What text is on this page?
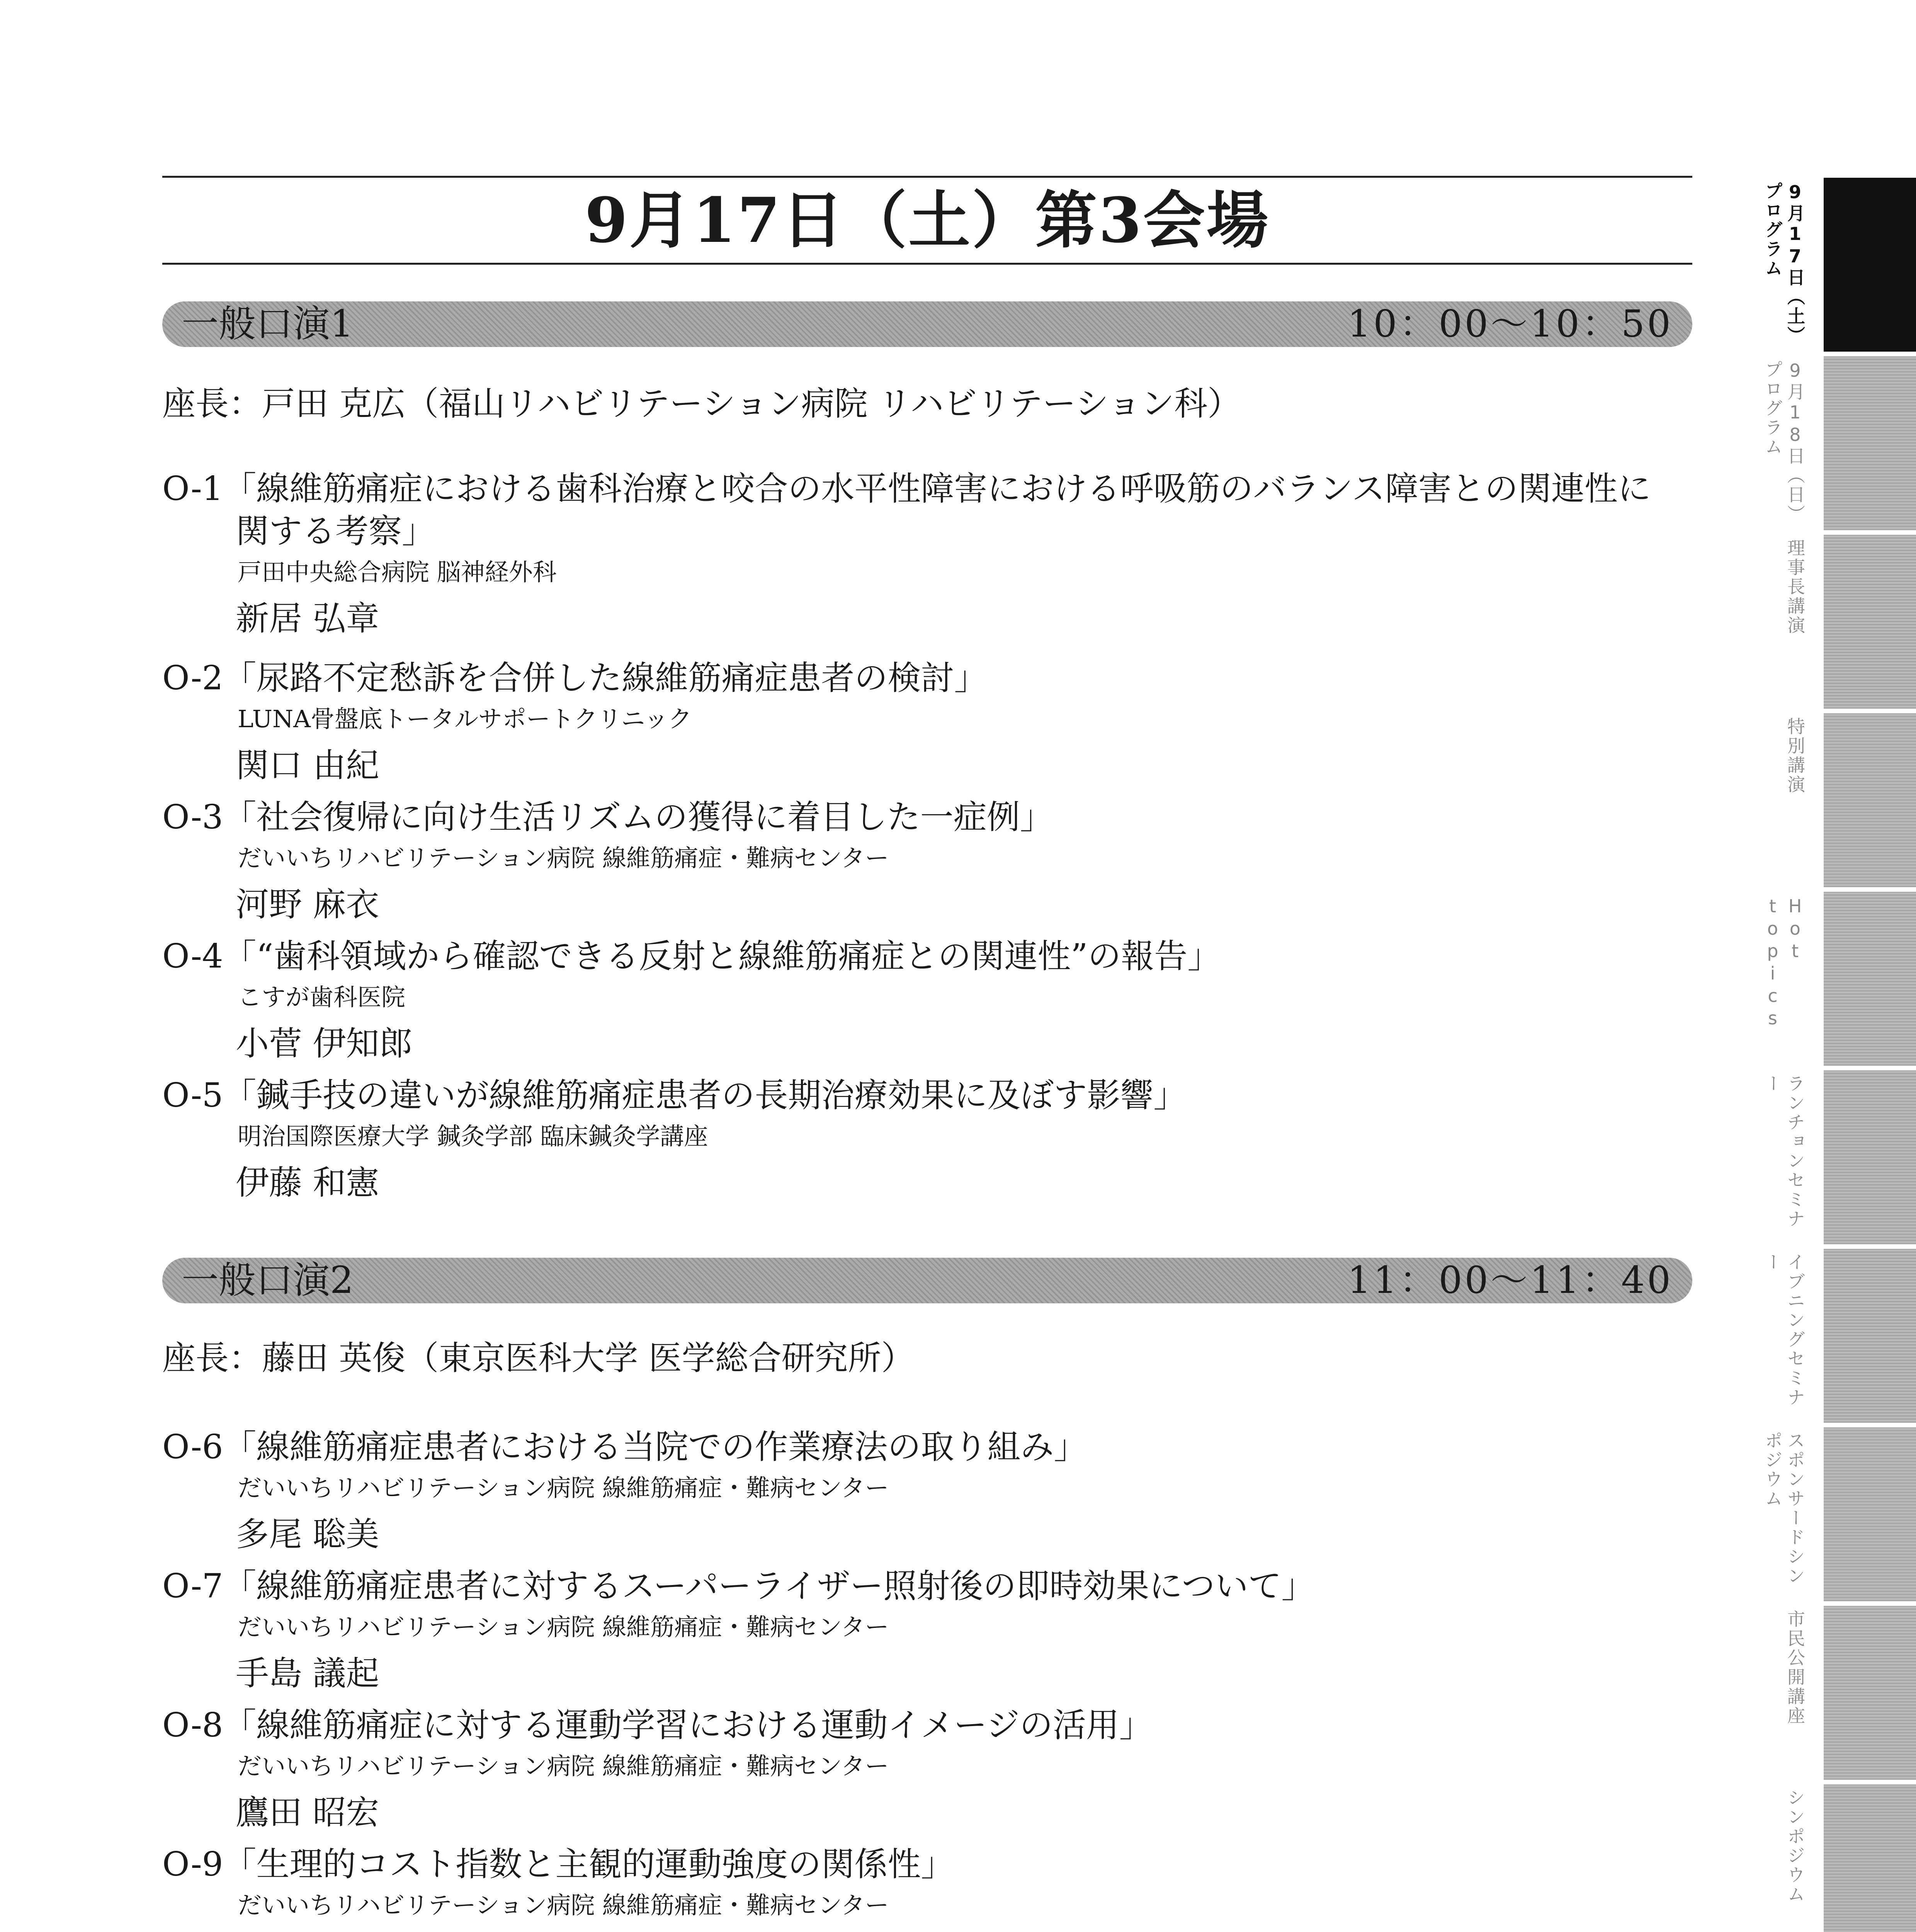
9月17日（土）第3会場
一般口演1	10：00〜10：50
座長：戸田 克広（福山リハビリテーション病院 リハビリテーション科）
O-1「線維筋痛症における歯科治療と咬合の水平性障害における呼吸筋のバランス障害との関連性に
関する考察」
戸田中央総合病院 脳神経外科
新居 弘章
O-2「尿路不定愁訴を合併した線維筋痛症患者の検討」
LUNA骨盤底トータルサポートクリニック
関口 由紀
O-3「社会復帰に向け生活リズムの獲得に着目した一症例」
だいいちリハビリテーション病院 線維筋痛症・難病センター
河野 麻衣
O-4「“歯科領域から確認できる反射と線維筋痛症との関連性”の報告」
こすが歯科医院
小菅 伊知郎
O-5「鍼手技の違いが線維筋痛症患者の長期治療効果に及ぼす影響」
明治国際医療大学 鍼灸学部 臨床鍼灸学講座
伊藤 和憲
一般口演2	11：00〜11：40
座長：藤田 英俊（東京医科大学 医学総合研究所）
O-6「線維筋痛症患者における当院での作業療法の取り組み」
だいいちリハビリテーション病院 線維筋痛症・難病センター
多尾 聡美
O-7「線維筋痛症患者に対するスーパーライザー照射後の即時効果について」
だいいちリハビリテーション病院 線維筋痛症・難病センター
手島 議起
O-8「線維筋痛症に対する運動学習における運動イメージの活用」
だいいちリハビリテーション病院 線維筋痛症・難病センター
鷹田 昭宏
O-9「生理的コスト指数と主観的運動強度の関係性」
だいいちリハビリテーション病院 線維筋痛症・難病センター
9月17日（土）プログラム
9月18日（日）プログラム
理事長講演
特別講演
Hot topics
ランチョンセミナー
イブニングセミナー
スポンサードシンポジウム
市民公開講座
シンポジウム
